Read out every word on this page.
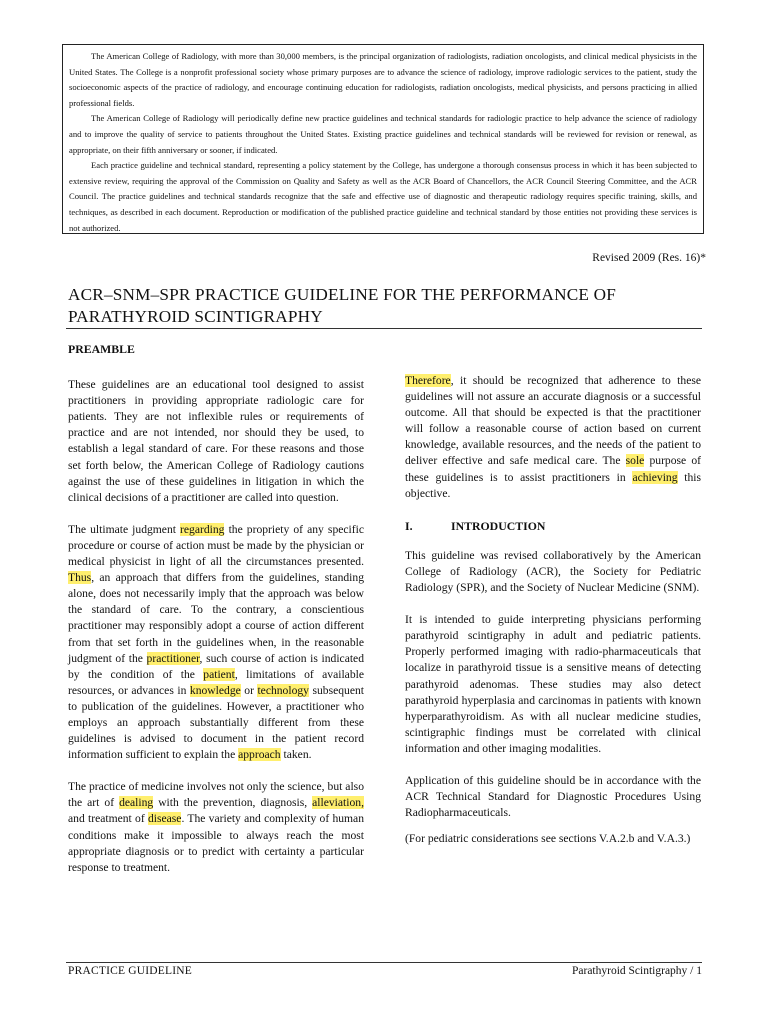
The American College of Radiology, with more than 30,000 members, is the principal organization of radiologists, radiation oncologists, and clinical medical physicists in the United States. The College is a nonprofit professional society whose primary purposes are to advance the science of radiology, improve radiologic services to the patient, study the socioeconomic aspects of the practice of radiology, and encourage continuing education for radiologists, radiation oncologists, medical physicists, and persons practicing in allied professional fields.

The American College of Radiology will periodically define new practice guidelines and technical standards for radiologic practice to help advance the science of radiology and to improve the quality of service to patients throughout the United States. Existing practice guidelines and technical standards will be reviewed for revision or renewal, as appropriate, on their fifth anniversary or sooner, if indicated.

Each practice guideline and technical standard, representing a policy statement by the College, has undergone a thorough consensus process in which it has been subjected to extensive review, requiring the approval of the Commission on Quality and Safety as well as the ACR Board of Chancellors, the ACR Council Steering Committee, and the ACR Council. The practice guidelines and technical standards recognize that the safe and effective use of diagnostic and therapeutic radiology requires specific training, skills, and techniques, as described in each document. Reproduction or modification of the published practice guideline and technical standard by those entities not providing these services is not authorized.

Revised 2009 (Res. 16)*
ACR–SNM–SPR PRACTICE GUIDELINE FOR THE PERFORMANCE OF
PARATHYROID SCINTIGRAPHY
PREAMBLE

These guidelines are an educational tool designed to assist practitioners in providing appropriate radiologic care for patients. They are not inflexible rules or requirements of practice and are not intended, nor should they be used, to establish a legal standard of care. For these reasons and those set forth below, the American College of Radiology cautions against the use of these guidelines in litigation in which the clinical decisions of a practitioner are called into question.

The ultimate judgment regarding the propriety of any specific procedure or course of action must be made by the physician or medical physicist in light of all the circumstances presented. Thus, an approach that differs from the guidelines, standing alone, does not necessarily imply that the approach was below the standard of care. To the contrary, a conscientious practitioner may responsibly adopt a course of action different from that set forth in the guidelines when, in the reasonable judgment of the practitioner, such course of action is indicated by the condition of the patient, limitations of available resources, or advances in knowledge or technology subsequent to publication of the guidelines. However, a practitioner who employs an approach substantially different from these guidelines is advised to document in the patient record information sufficient to explain the approach taken.

The practice of medicine involves not only the science, but also the art of dealing with the prevention, diagnosis, alleviation, and treatment of disease. The variety and complexity of human conditions make it impossible to always reach the most appropriate diagnosis or to predict with certainty a particular response to treatment.

Therefore, it should be recognized that adherence to these guidelines will not assure an accurate diagnosis or a successful outcome. All that should be expected is that the practitioner will follow a reasonable course of action based on current knowledge, available resources, and the needs of the patient to deliver effective and safe medical care. The sole purpose of these guidelines is to assist practitioners in achieving this objective.

I.	INTRODUCTION

This guideline was revised collaboratively by the American College of Radiology (ACR), the Society for Pediatric Radiology (SPR), and the Society of Nuclear Medicine (SNM).

It is intended to guide interpreting physicians performing parathyroid scintigraphy in adult and pediatric patients. Properly performed imaging with radio-pharmaceuticals that localize in parathyroid tissue is a sensitive means of detecting parathyroid adenomas. These studies may also detect parathyroid hyperplasia and carcinomas in patients with known hyperparathyroidism. As with all nuclear medicine studies, scintigraphic findings must be correlated with clinical information and other imaging modalities.

Application of this guideline should be in accordance with the ACR Technical Standard for Diagnostic Procedures Using Radiopharmaceuticals.

(For pediatric considerations see sections V.A.2.b and V.A.3.)

PRACTICE GUIDELINE	Parathyroid Scintigraphy / 1
